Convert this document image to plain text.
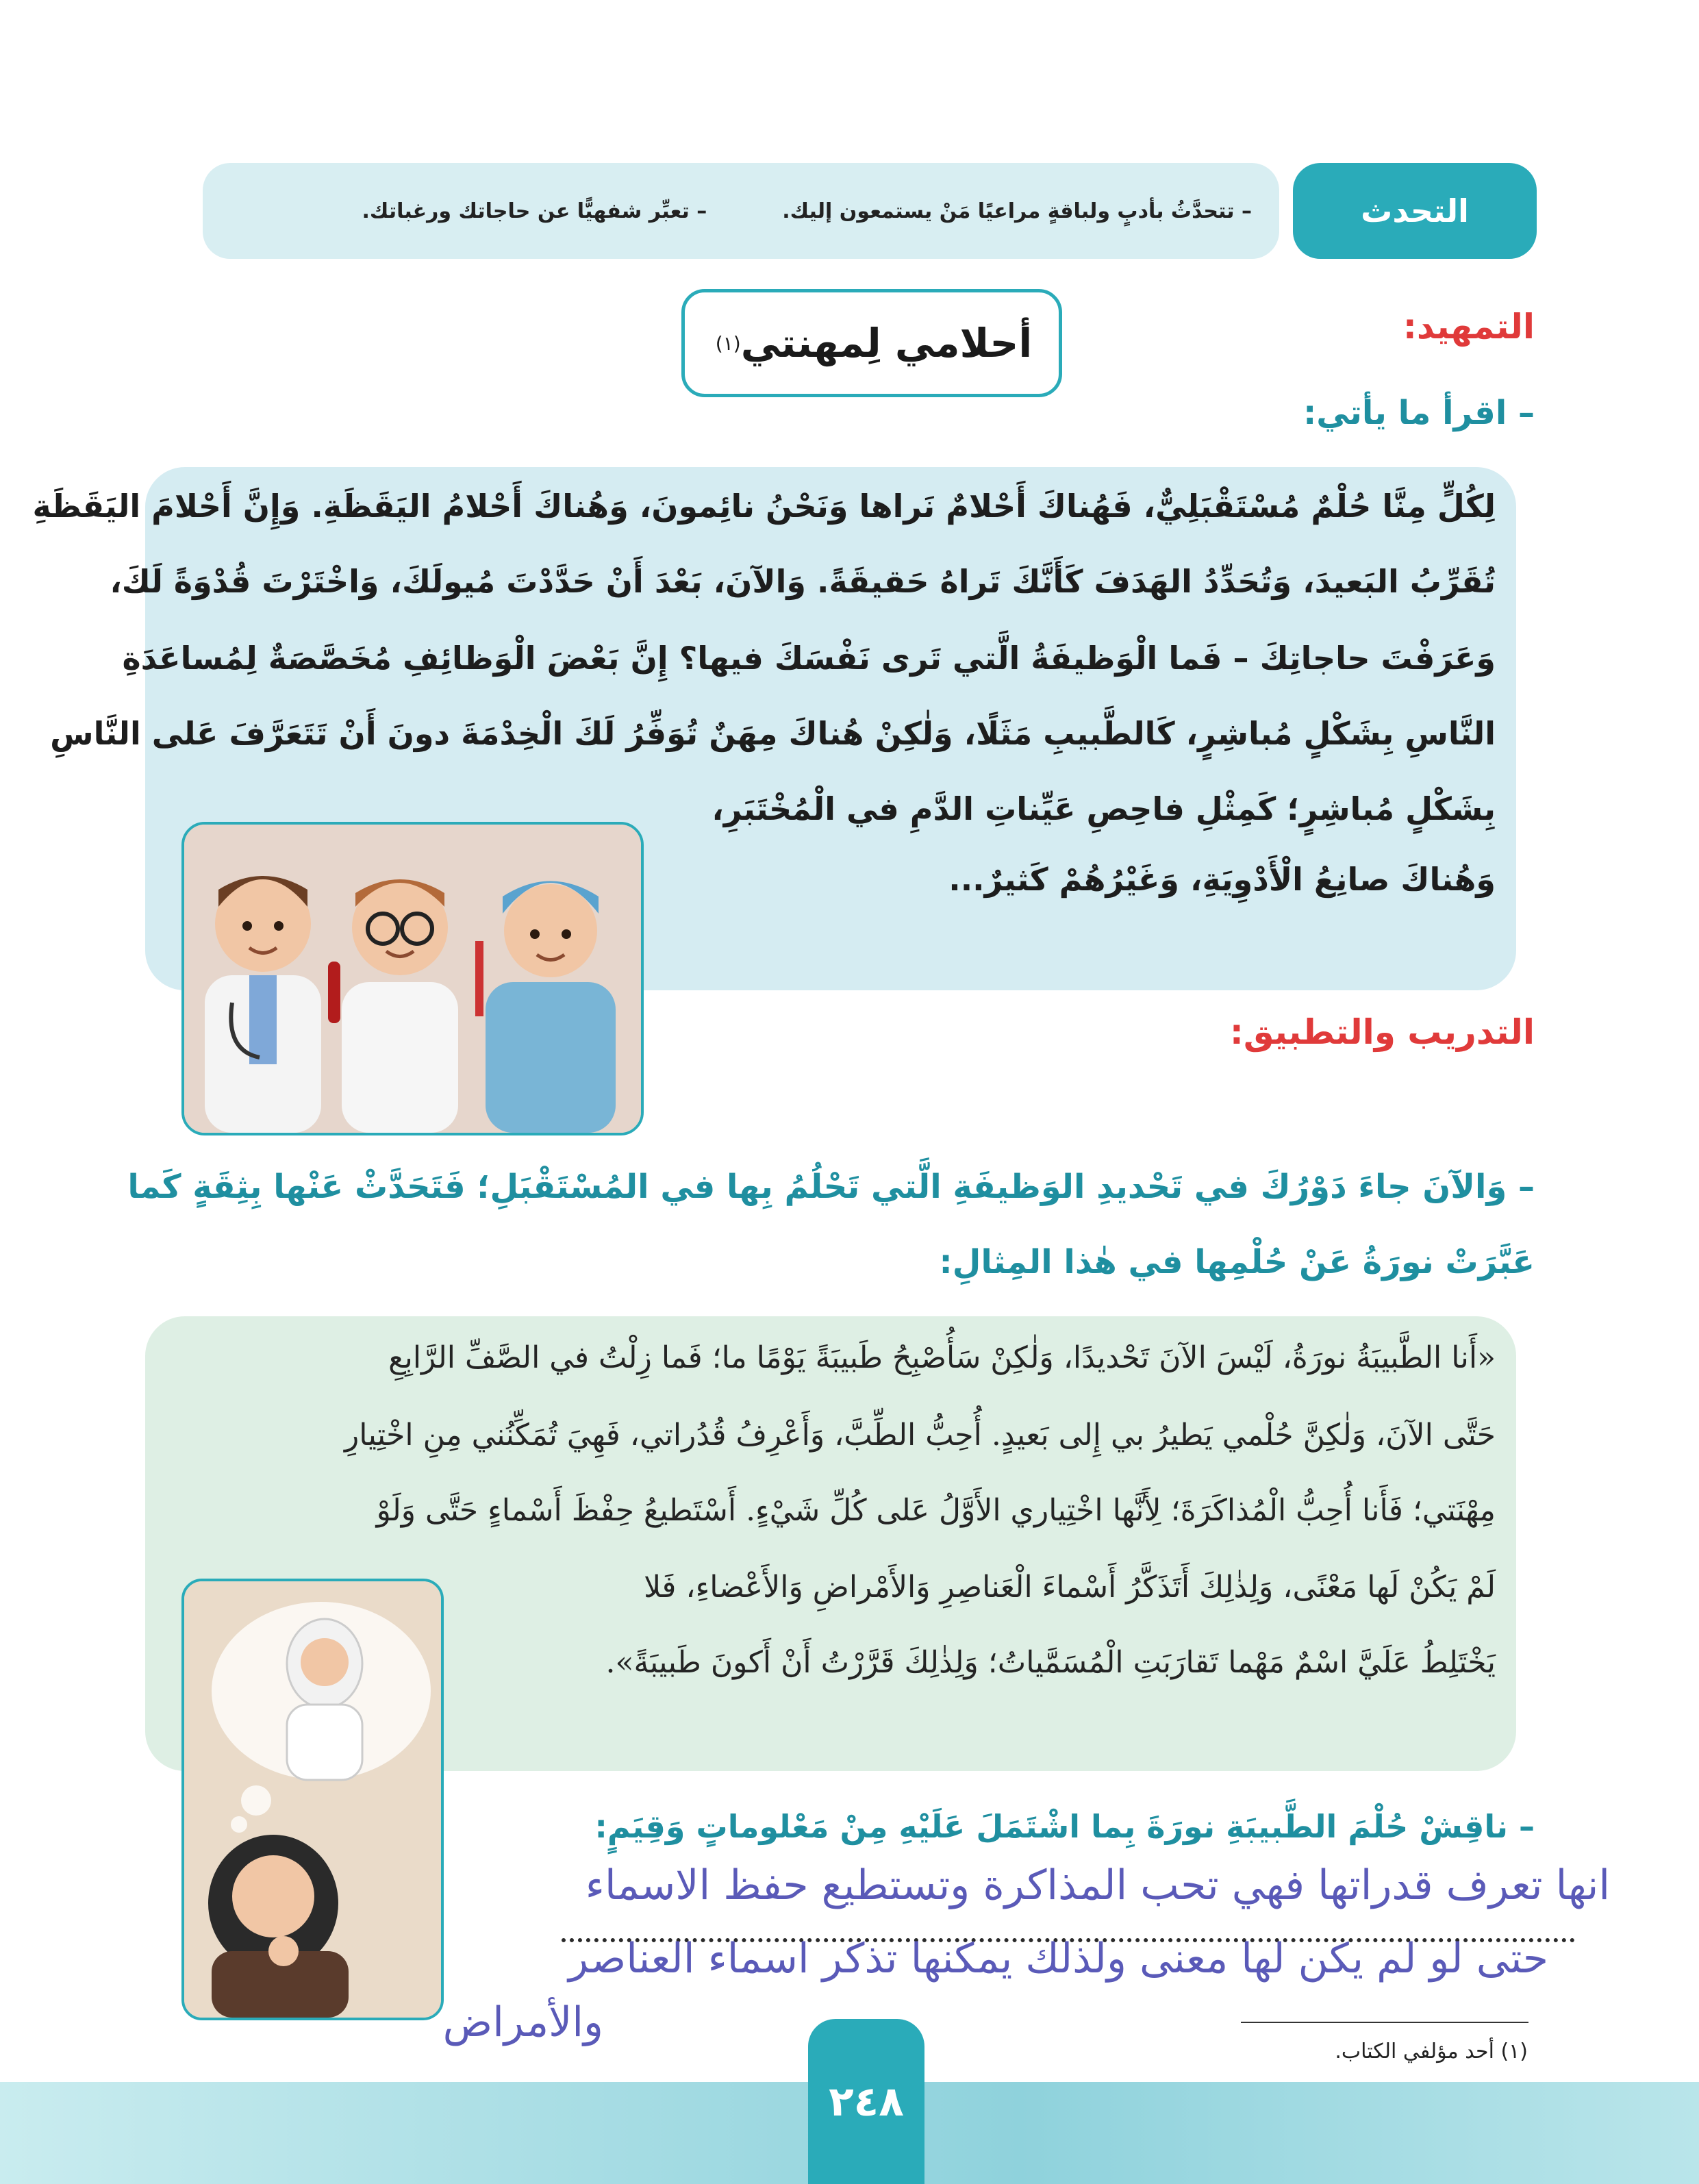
التحدث
– تتحدَّثُ بأدبٍ ولباقةٍ مراعيًا مَنْ يستمعون إليك.
– تعبِّر شفهيًّا عن حاجاتك ورغباتك.
التمهيد:
أحلامي لِمهنتي
(١)
– اقرأ ما يأتي:
لِكُلٍّ مِنَّا حُلْمٌ مُسْتَقْبَلِيٌّ، فَهُناكَ أَحْلامٌ نَراها وَنَحْنُ نائِمونَ، وَهُناكَ أَحْلامُ اليَقَظَةِ. وَإِنَّ أَحْلامَ اليَقَظَةِ
تُقَرِّبُ البَعيدَ، وَتُحَدِّدُ الهَدَفَ كَأَنَّكَ تَراهُ حَقيقَةً. وَالآنَ، بَعْدَ أَنْ حَدَّدْتَ مُيولَكَ، وَاخْتَرْتَ قُدْوَةً لَكَ،
وَعَرَفْتَ حاجاتِكَ – فَما الْوَظيفَةُ الَّتي تَرى نَفْسَكَ فيها؟ إِنَّ بَعْضَ الْوَظائِفِ مُخَصَّصَةٌ لِمُساعَدَةِ
النَّاسِ بِشَكْلٍ مُباشِرٍ، كَالطَّبيبِ مَثَلًا، وَلٰكِنْ هُناكَ مِهَنٌ تُوَفِّرُ لَكَ الْخِدْمَةَ دونَ أَنْ تَتَعَرَّفَ عَلى النَّاسِ
بِشَكْلٍ مُباشِرٍ؛ كَمِثْلِ فاحِصِ عَيِّناتِ الدَّمِ في الْمُخْتَبَرِ،
وَهُناكَ صانِعُ الْأَدْوِيَةِ، وَغَيْرُهُمْ كَثيرٌ...
التدريب والتطبيق:
– وَالآنَ جاءَ دَوْرُكَ في تَحْديدِ الوَظيفَةِ الَّتي تَحْلُمُ بِها في المُسْتَقْبَلِ؛ فَتَحَدَّثْ عَنْها بِثِقَةٍ كَما
عَبَّرَتْ نورَةُ عَنْ حُلْمِها في هٰذا المِثالِ:
«أَنا الطَّبيبَةُ نورَةُ، لَيْسَ الآنَ تَحْديدًا، وَلٰكِنْ سَأُصْبِحُ طَبيبَةً يَوْمًا ما؛ فَما زِلْتُ في الصَّفِّ الرَّابِعِ
حَتَّى الآنَ، وَلٰكِنَّ حُلْمي يَطيرُ بي إِلى بَعيدٍ. أُحِبُّ الطِّبَّ، وَأَعْرِفُ قُدُراتي، فَهِيَ تُمَكِّنُني مِنِ اخْتِيارِ
مِهْنَتي؛ فَأَنا أُحِبُّ الْمُذاكَرَةَ؛ لِأَنَّها اخْتِياري الأَوَّلُ عَلى كُلِّ شَيْءٍ. أَسْتَطيعُ حِفْظَ أَسْماءٍ حَتَّى وَلَوْ
لَمْ يَكُنْ لَها مَعْنًى، وَلِذٰلِكَ أَتَذَكَّرُ أَسْماءَ الْعَناصِرِ وَالأَمْراضِ وَالأَعْضاءِ، فَلا
يَخْتَلِطُ عَلَيَّ اسْمٌ مَهْما تَقارَبَتِ الْمُسَمَّياتُ؛ وَلِذٰلِكَ قَرَّرْتُ أَنْ أَكونَ طَبيبَةً».
– ناقِشْ حُلْمَ الطَّبيبَةِ نورَةَ بِما اشْتَمَلَ عَلَيْهِ مِنْ مَعْلوماتٍ وَقِيَمٍ:
انها تعرف قدراتها فهي تحب المذاكرة وتستطيع حفظ الاسماء
حتى لو لم يكن لها معنى ولذلك يمكنها تذكر اسماء العناصر
والأمراض
(١) أحد مؤلفي الكتاب.
٢٤٨
